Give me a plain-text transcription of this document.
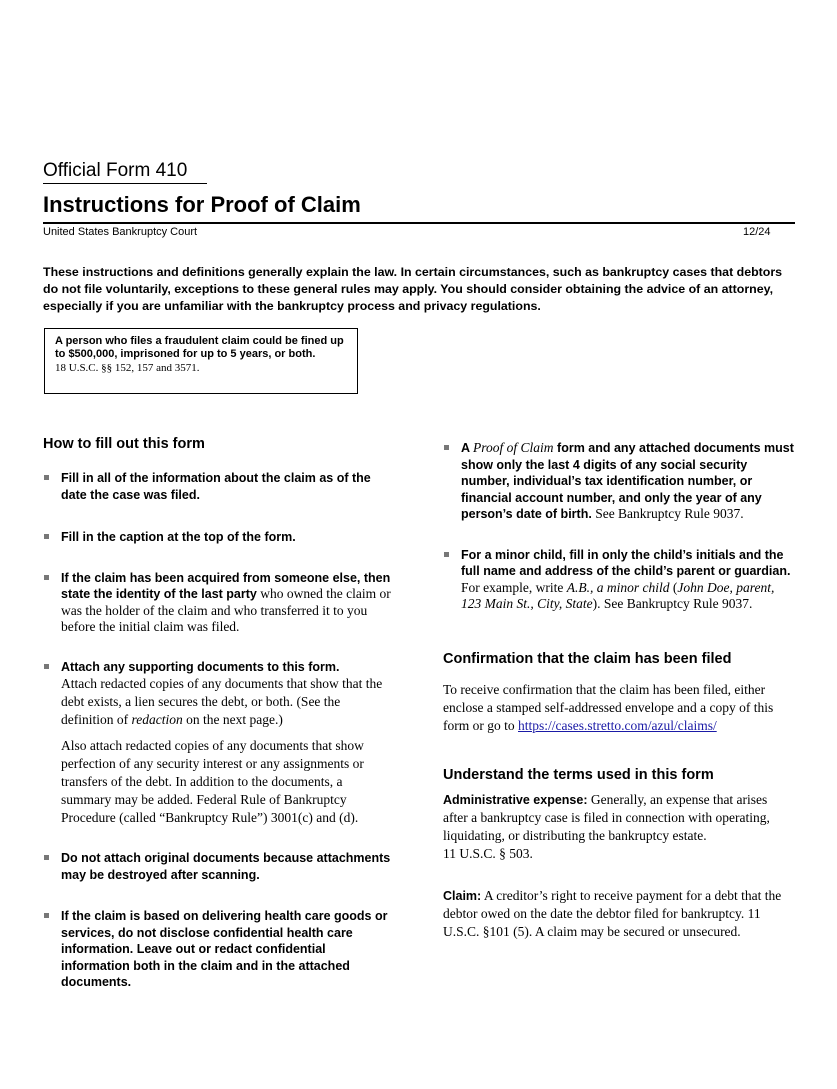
Official Form 410
Instructions for Proof of Claim
United States Bankruptcy Court	12/24
These instructions and definitions generally explain the law. In certain circumstances, such as bankruptcy cases that debtors do not file voluntarily, exceptions to these general rules may apply. You should consider obtaining the advice of an attorney, especially if you are unfamiliar with the bankruptcy process and privacy regulations.
A person who files a fraudulent claim could be fined up to $500,000, imprisoned for up to 5 years, or both.
18 U.S.C. §§ 152, 157 and 3571.
How to fill out this form
Fill in all of the information about the claim as of the date the case was filed.
Fill in the caption at the top of the form.
If the claim has been acquired from someone else, then state the identity of the last party who owned the claim or was the holder of the claim and who transferred it to you before the initial claim was filed.
Attach any supporting documents to this form.
Attach redacted copies of any documents that show that the debt exists, a lien secures the debt, or both. (See the definition of redaction on the next page.)
Also attach redacted copies of any documents that show perfection of any security interest or any assignments or transfers of the debt. In addition to the documents, a summary may be added. Federal Rule of Bankruptcy Procedure (called “Bankruptcy Rule”) 3001(c) and (d).
Do not attach original documents because attachments may be destroyed after scanning.
If the claim is based on delivering health care goods or services, do not disclose confidential health care information. Leave out or redact confidential information both in the claim and in the attached documents.
A Proof of Claim form and any attached documents must show only the last 4 digits of any social security number, individual’s tax identification number, or financial account number, and only the year of any person’s date of birth. See Bankruptcy Rule 9037.
For a minor child, fill in only the child’s initials and the full name and address of the child’s parent or guardian. For example, write A.B., a minor child (John Doe, parent, 123 Main St., City, State). See Bankruptcy Rule 9037.
Confirmation that the claim has been filed
To receive confirmation that the claim has been filed, either enclose a stamped self-addressed envelope and a copy of this form or go to https://cases.stretto.com/azul/claims/
Understand the terms used in this form
Administrative expense: Generally, an expense that arises after a bankruptcy case is filed in connection with operating, liquidating, or distributing the bankruptcy estate.
11 U.S.C. § 503.
Claim: A creditor’s right to receive payment for a debt that the debtor owed on the date the debtor filed for bankruptcy. 11 U.S.C. §101 (5). A claim may be secured or unsecured.
